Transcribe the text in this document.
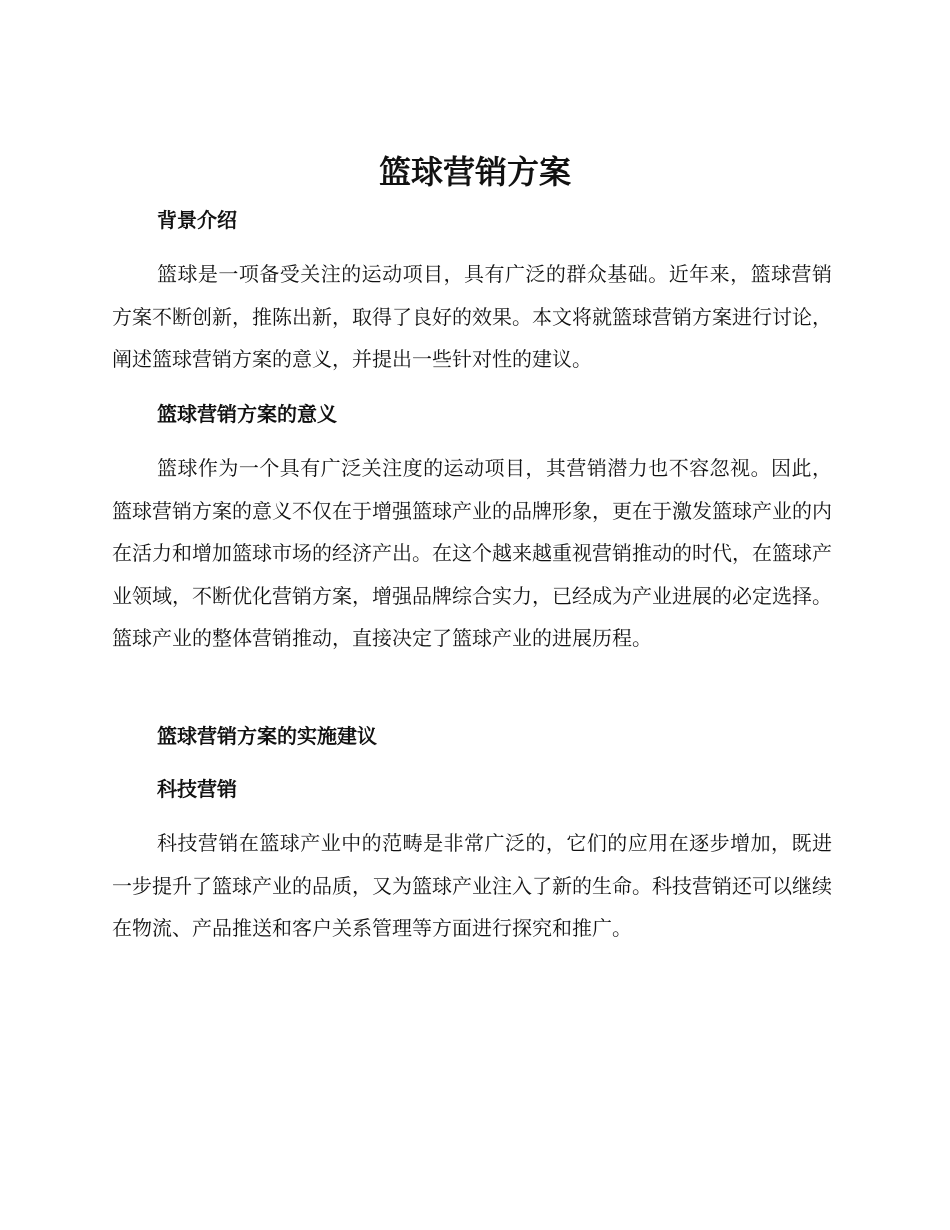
篮球营销方案
背景介绍

篮球是一项备受关注的运动项目，具有广泛的群众基础。近年来，篮球营销方案不断创新，推陈出新，取得了良好的效果。本文将就篮球营销方案进行讨论，阐述篮球营销方案的意义，并提出一些针对性的建议。

篮球营销方案的意义

篮球作为一个具有广泛关注度的运动项目，其营销潜力也不容忽视。因此，篮球营销方案的意义不仅在于增强篮球产业的品牌形象，更在于激发篮球产业的内在活力和增加篮球市场的经济产出。在这个越来越重视营销推动的时代，在篮球产业领域，不断优化营销方案，增强品牌综合实力，已经成为产业进展的必定选择。篮球产业的整体营销推动，直接决定了篮球产业的进展历程。

篮球营销方案的实施建议
科技营销

科技营销在篮球产业中的范畴是非常广泛的，它们的应用在逐步增加，既进一步提升了篮球产业的品质，又为篮球产业注入了新的生命。科技营销还可以继续在物流、产品推送和客户关系管理等方面进行探究和推广。
